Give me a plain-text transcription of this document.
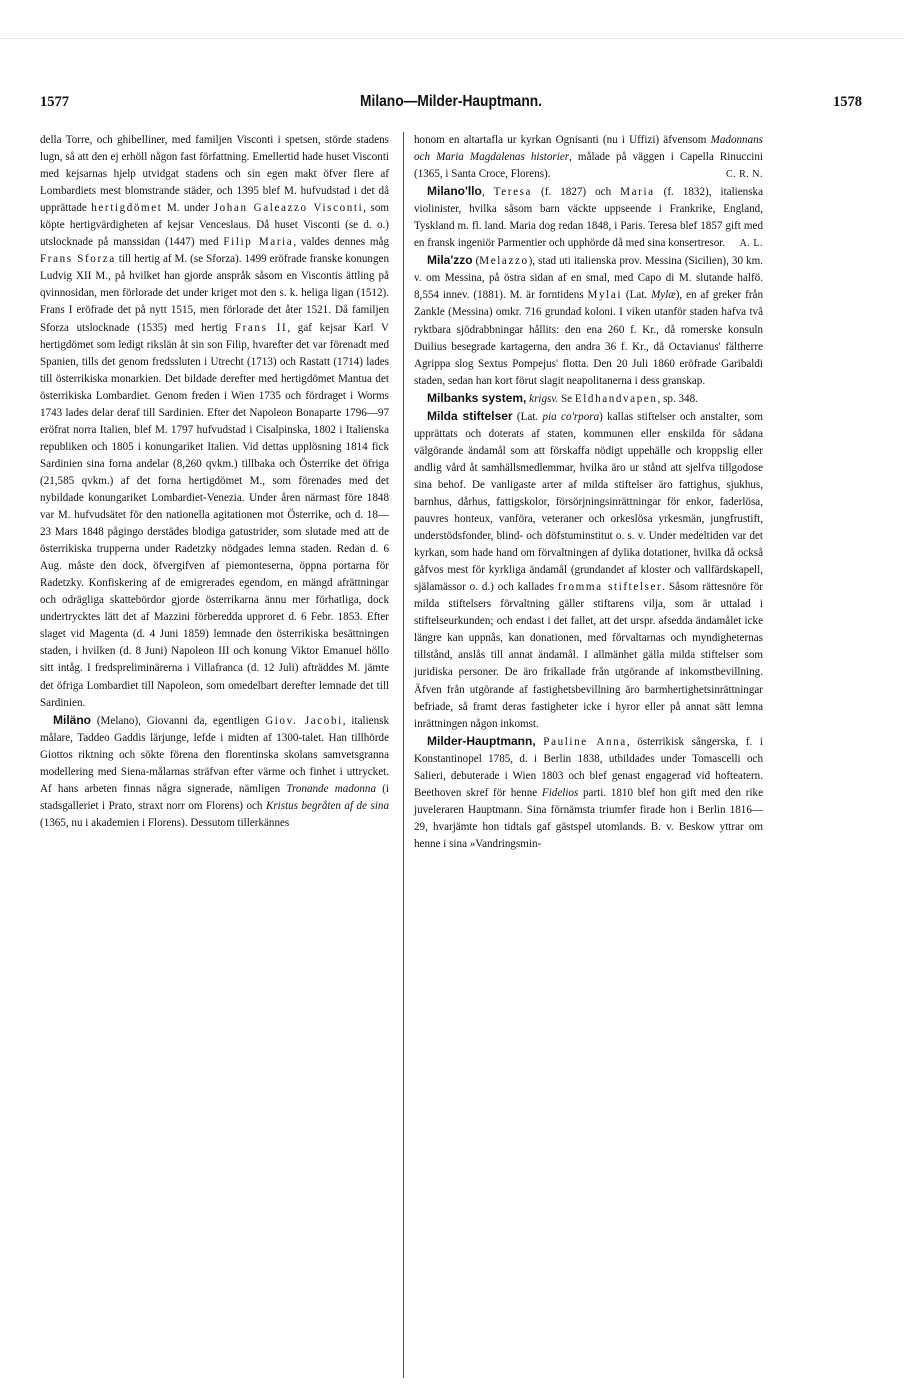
1577	Milano—Milder-Hauptmann.	1578

della Torre, och ghibelliner, med familjen Visconti i spetsen, störde stadens lugn, så att den ej erhöll någon fast författning. Emellertid hade huset Visconti med kejsarnas hjelp utvidgat stadens och sin egen makt öfver flere af Lombardiets mest blomstrande städer, och 1395 blef M. hufvudstad i det då upprättade hertigdömet M. under Johan Galeazzo Visconti, som köpte hertigvärdigheten af kejsar Venceslaus. Då huset Visconti (se d. o.) utslocknade på manssidan (1447) med Filip Maria, valdes dennes måg Frans Sforza till hertig af M. (se Sforza). 1499 eröfrade franske konungen Ludvig XII M., på hvilket han gjorde anspråk såsom en Viscontis ättling på qvinnosidan, men förlorade det under kriget mot den s. k. heliga ligan (1512). Frans I eröfrade det på nytt 1515, men förlorade det åter 1521. Då familjen Sforza utslocknade (1535) med hertig Frans II, gaf kejsar Karl V hertigdömet som ledigt rikslän åt sin son Filip, hvarefter det var förenadt med Spanien, tills det genom fredssluten i Utrecht (1713) och Rastatt (1714) lades till österrikiska monarkien. Det bildade derefter med hertigdömet Mantua det österrikiska Lombardiet. Genom freden i Wien 1735 och fördraget i Worms 1743 lades delar deraf till Sardinien. Efter det Napoleon Bonaparte 1796—97 eröfrat norra Italien, blef M. 1797 hufvudstad i Cisalpinska, 1802 i Italienska republiken och 1805 i konungariket Italien. Vid dettas upplösning 1814 fick Sardinien sina forna andelar (8,260 qvkm.) tillbaka och Österrike det öfriga (21,585 qvkm.) af det forna hertigdömet M., som förenades med det nybildade konungariket Lombardiet-Venezia. Under åren närmast före 1848 var M. hufvudsätet för den nationella agitationen mot Österrike, och d. 18—23 Mars 1848 pågingo derstädes blodiga gatustrider, som slutade med att de österrikiska trupperna under Radetzky nödgades lemna staden. Redan d. 6 Aug. måste den dock, öfvergifven af piemonteserna, öppna portarna för Radetzky. Konfiskering af de emigrerades egendom, en mängd afrättningar och odrägliga skattebördor gjorde österrikarna ännu mer förhatliga, dock undertrycktes lätt det af Mazzini förberedda upproret d. 6 Febr. 1853. Efter slaget vid Magenta (d. 4 Juni 1859) lemnade den österrikiska besättningen staden, i hvilken (d. 8 Juni) Napoleon III och konung Viktor Emanuel höllo sitt intåg. I fredspreliminärerna i Villafranca (d. 12 Juli) afträddes M. jämte det öfriga Lombardiet till Napoleon, som omedelbart derefter lemnade det till Sardinien.

Miläno (Melano), Giovanni da, egentligen Giov. Jacobi, italiensk målare, Taddeo Gaddis lärjunge, lefde i midten af 1300-talet. Han tillhörde Giottos riktning och sökte förena den florentinska skolans samvetsgranna modellering med Siena-målarnas sträfvan efter värme och finhet i uttrycket. Af hans arbeten finnas några signerade, nämligen Tronande madonna (i stadsgalleriet i Prato, straxt norr om Florens) och Kristus begråten af de sina (1365, nu i akademien i Florens). Dessutom tillerkännes

honom en altartafla ur kyrkan Ognisanti (nu i Uffizi) äfvensom Madonnans och Maria Magdalenas historier, målade på väggen i Capella Rinuccini (1365, i Santa Croce, Florens).	C. R. N.

Milano'llo, Teresa (f. 1827) och Maria (f. 1832), italienska violinister, hvilka såsom barn väckte uppseende i Frankrike, England, Tyskland m. fl. land. Maria dog redan 1848, i Paris. Teresa blef 1857 gift med en fransk ingeniör Parmentier och upphörde då med sina konsertresor.	A. L.

Mila'zzo (Melazzo), stad uti italienska prov. Messina (Sicilien), 30 km. v. om Messina, på östra sidan af en smal, med Capo di M. slutande halfö. 8,554 innev. (1881). M. är forntidens Mylai (Lat. Mylæ), en af greker från Zankle (Messina) omkr. 716 grundad koloni. I viken utanför staden hafva två ryktbara sjödrabbningar hållits: den ena 260 f. Kr., då romerske konsuln Duilius besegrade kartagerna, den andra 36 f. Kr., då Octavianus' fältherre Agrippa slog Sextus Pompejus' flotta. Den 20 Juli 1860 eröfrade Garibaldi staden, sedan han kort förut slagit neapolitanerna i dess granskap.

Milbanks system, krigsv. Se Eldhandvapen, sp. 348.

Milda stiftelser (Lat. pia co'rpora) kallas stiftelser och anstalter, som upprättats och doterats af staten, kommunen eller enskilda för sådana välgörande ändamål som att förskaffa nödigt uppehälle och kroppslig eller andlig vård åt samhällsmedlemmar, hvilka äro ur stånd att sjelfva tillgodose sina behof. De vanligaste arter af milda stiftelser äro fattighus, sjukhus, barnhus, dårhus, fattigskolor, försörjningsinrättningar för enkor, faderlösa, pauvres honteux, vanföra, veteraner och orkeslösa yrkesmän, jungfrustift, understödsfonder, blind- och döfstuminstitut o. s. v. Under medeltiden var det kyrkan, som hade hand om förvaltningen af dylika dotationer, hvilka då också gåfvos mest för kyrkliga ändamål (grundandet af kloster och vallfärdskapell, själamässor o. d.) och kallades fromma stiftelser. Såsom rättesnöre för milda stiftelsers förvaltning gäller stiftarens vilja, som är uttalad i stiftelseurkunden; och endast i det fallet, att det urspr. afsedda ändamålet icke längre kan uppnås, kan donationen, med förvaltarnas och myndigheternas tillstånd, anslås till annat ändamål. I allmänhet gälla milda stiftelser som juridiska personer. De äro frikallade från utgörande af inkomstbevillning. Äfven från utgörande af fastighetsbevillning äro barmhertighetsinrättningar befriade, så framt deras fastigheter icke i hyror eller på annat sätt lemna inrättningen någon inkomst.

Milder-Hauptmann, Pauline Anna, österrikisk sångerska, f. i Konstantinopel 1785, d. i Berlin 1838, utbildades under Tomascelli och Salieri, debuterade i Wien 1803 och blef genast engagerad vid hofteatern. Beethoven skref för henne Fidelios parti. 1810 blef hon gift med den rike juveleraren Hauptmann. Sina förnämsta triumfer firade hon i Berlin 1816—29, hvarjämte hon tidtals gaf gästspel utomlands. B. v. Beskow yttrar om henne i sina »Vandringsmin-
